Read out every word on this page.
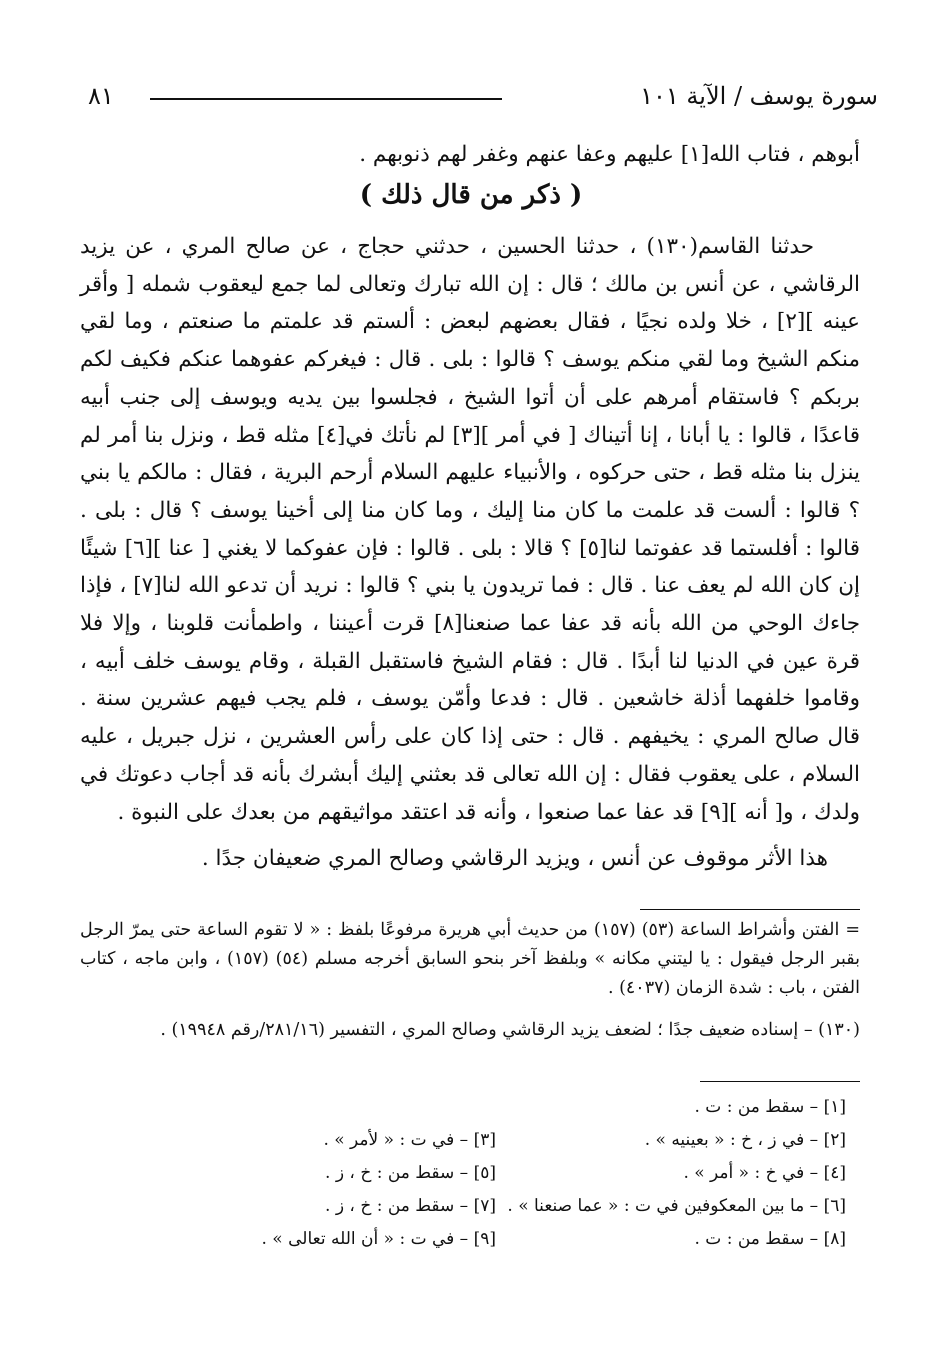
٨١	سورة يوسف / الآية ١٠١

أبوهم ، فتاب الله[١] عليهم وعفا عنهم وغفر لهم ذنوبهم .

( ذكر من قال ذلك )

حدثنا القاسم(١٣٠) ، حدثنا الحسين ، حدثني حجاج ، عن صالح المري ، عن يزيد الرقاشي ، عن أنس بن مالك ؛ قال : إن الله تبارك وتعالى لما جمع ليعقوب شمله [ وأقر عينه ][٢] ، خلا ولده نجيًا ، فقال بعضهم لبعض : ألستم قد علمتم ما صنعتم ، وما لقي منكم الشيخ وما لقي منكم يوسف ؟ قالوا : بلى . قال : فيغركم عفوهما عنكم فكيف لكم بربكم ؟ فاستقام أمرهم على أن أتوا الشيخ ، فجلسوا بين يديه ويوسف إلى جنب أبيه قاعدًا ، قالوا : يا أبانا ، إنا أتيناك [ في أمر ][٣] لم نأتك في[٤] مثله قط ، ونزل بنا أمر لم ينزل بنا مثله قط ، حتى حركوه ، والأنبياء عليهم السلام أرحم البرية ، فقال : مالكم يا بني ؟ قالوا : ألست قد علمت ما كان منا إليك ، وما كان منا إلى أخينا يوسف ؟ قال : بلى . قالوا : أفلستما قد عفوتما لنا[٥] ؟ قالا : بلى . قالوا : فإن عفوكما لا يغني [ عنا ][٦] شيئًا إن كان الله لم يعف عنا . قال : فما تريدون يا بني ؟ قالوا : نريد أن تدعو الله لنا[٧] ، فإذا جاءك الوحي من الله بأنه قد عفا عما صنعنا[٨] قرت أعيننا ، واطمأنت قلوبنا ، وإلا فلا قرة عين في الدنيا لنا أبدًا . قال : فقام الشيخ فاستقبل القبلة ، وقام يوسف خلف أبيه ، وقاموا خلفهما أذلة خاشعين . قال : فدعا وأمّن يوسف ، فلم يجب فيهم عشرين سنة . قال صالح المري : يخيفهم . قال : حتى إذا كان على رأس العشرين ، نزل جبريل ، عليه السلام ، على يعقوب فقال : إن الله تعالى قد بعثني إليك أبشرك بأنه قد أجاب دعوتك في ولدك ، و[ أنه ][٩] قد عفا عما صنعوا ، وأنه قد اعتقد مواثيقهم من بعدك على النبوة .

هذا الأثر موقوف عن أنس ، ويزيد الرقاشي وصالح المري ضعيفان جدًا .

= الفتن وأشراط الساعة (٥٣) (١٥٧) من حديث أبي هريرة مرفوعًا بلفظ : « لا تقوم الساعة حتى يمرّ الرجل بقبر الرجل فيقول : يا ليتني مكانه » وبلفظ آخر بنحو السابق أخرجه مسلم (٥٤) (١٥٧) ، وابن ماجه ، كتاب الفتن ، باب : شدة الزمان (٤٠٣٧) .

(١٣٠) – إسناده ضعيف جدًا ؛ لضعف يزيد الرقاشي وصالح المري ، التفسير (٢٨١/١٦/رقم ١٩٩٤٨) .

[١] – سقط من : ت .
[٢] – في ز ، خ : « بعينيه » .
[٣] – في ت : « لأمر » .
[٤] – في خ : « أمر » .
[٥] – سقط من : خ ، ز .
[٦] – ما بين المعكوفين في ت : « عما صنعنا » .
[٧] – سقط من : خ ، ز .
[٨] – سقط من : ت .
[٩] – في ت : « أن الله تعالى » .
